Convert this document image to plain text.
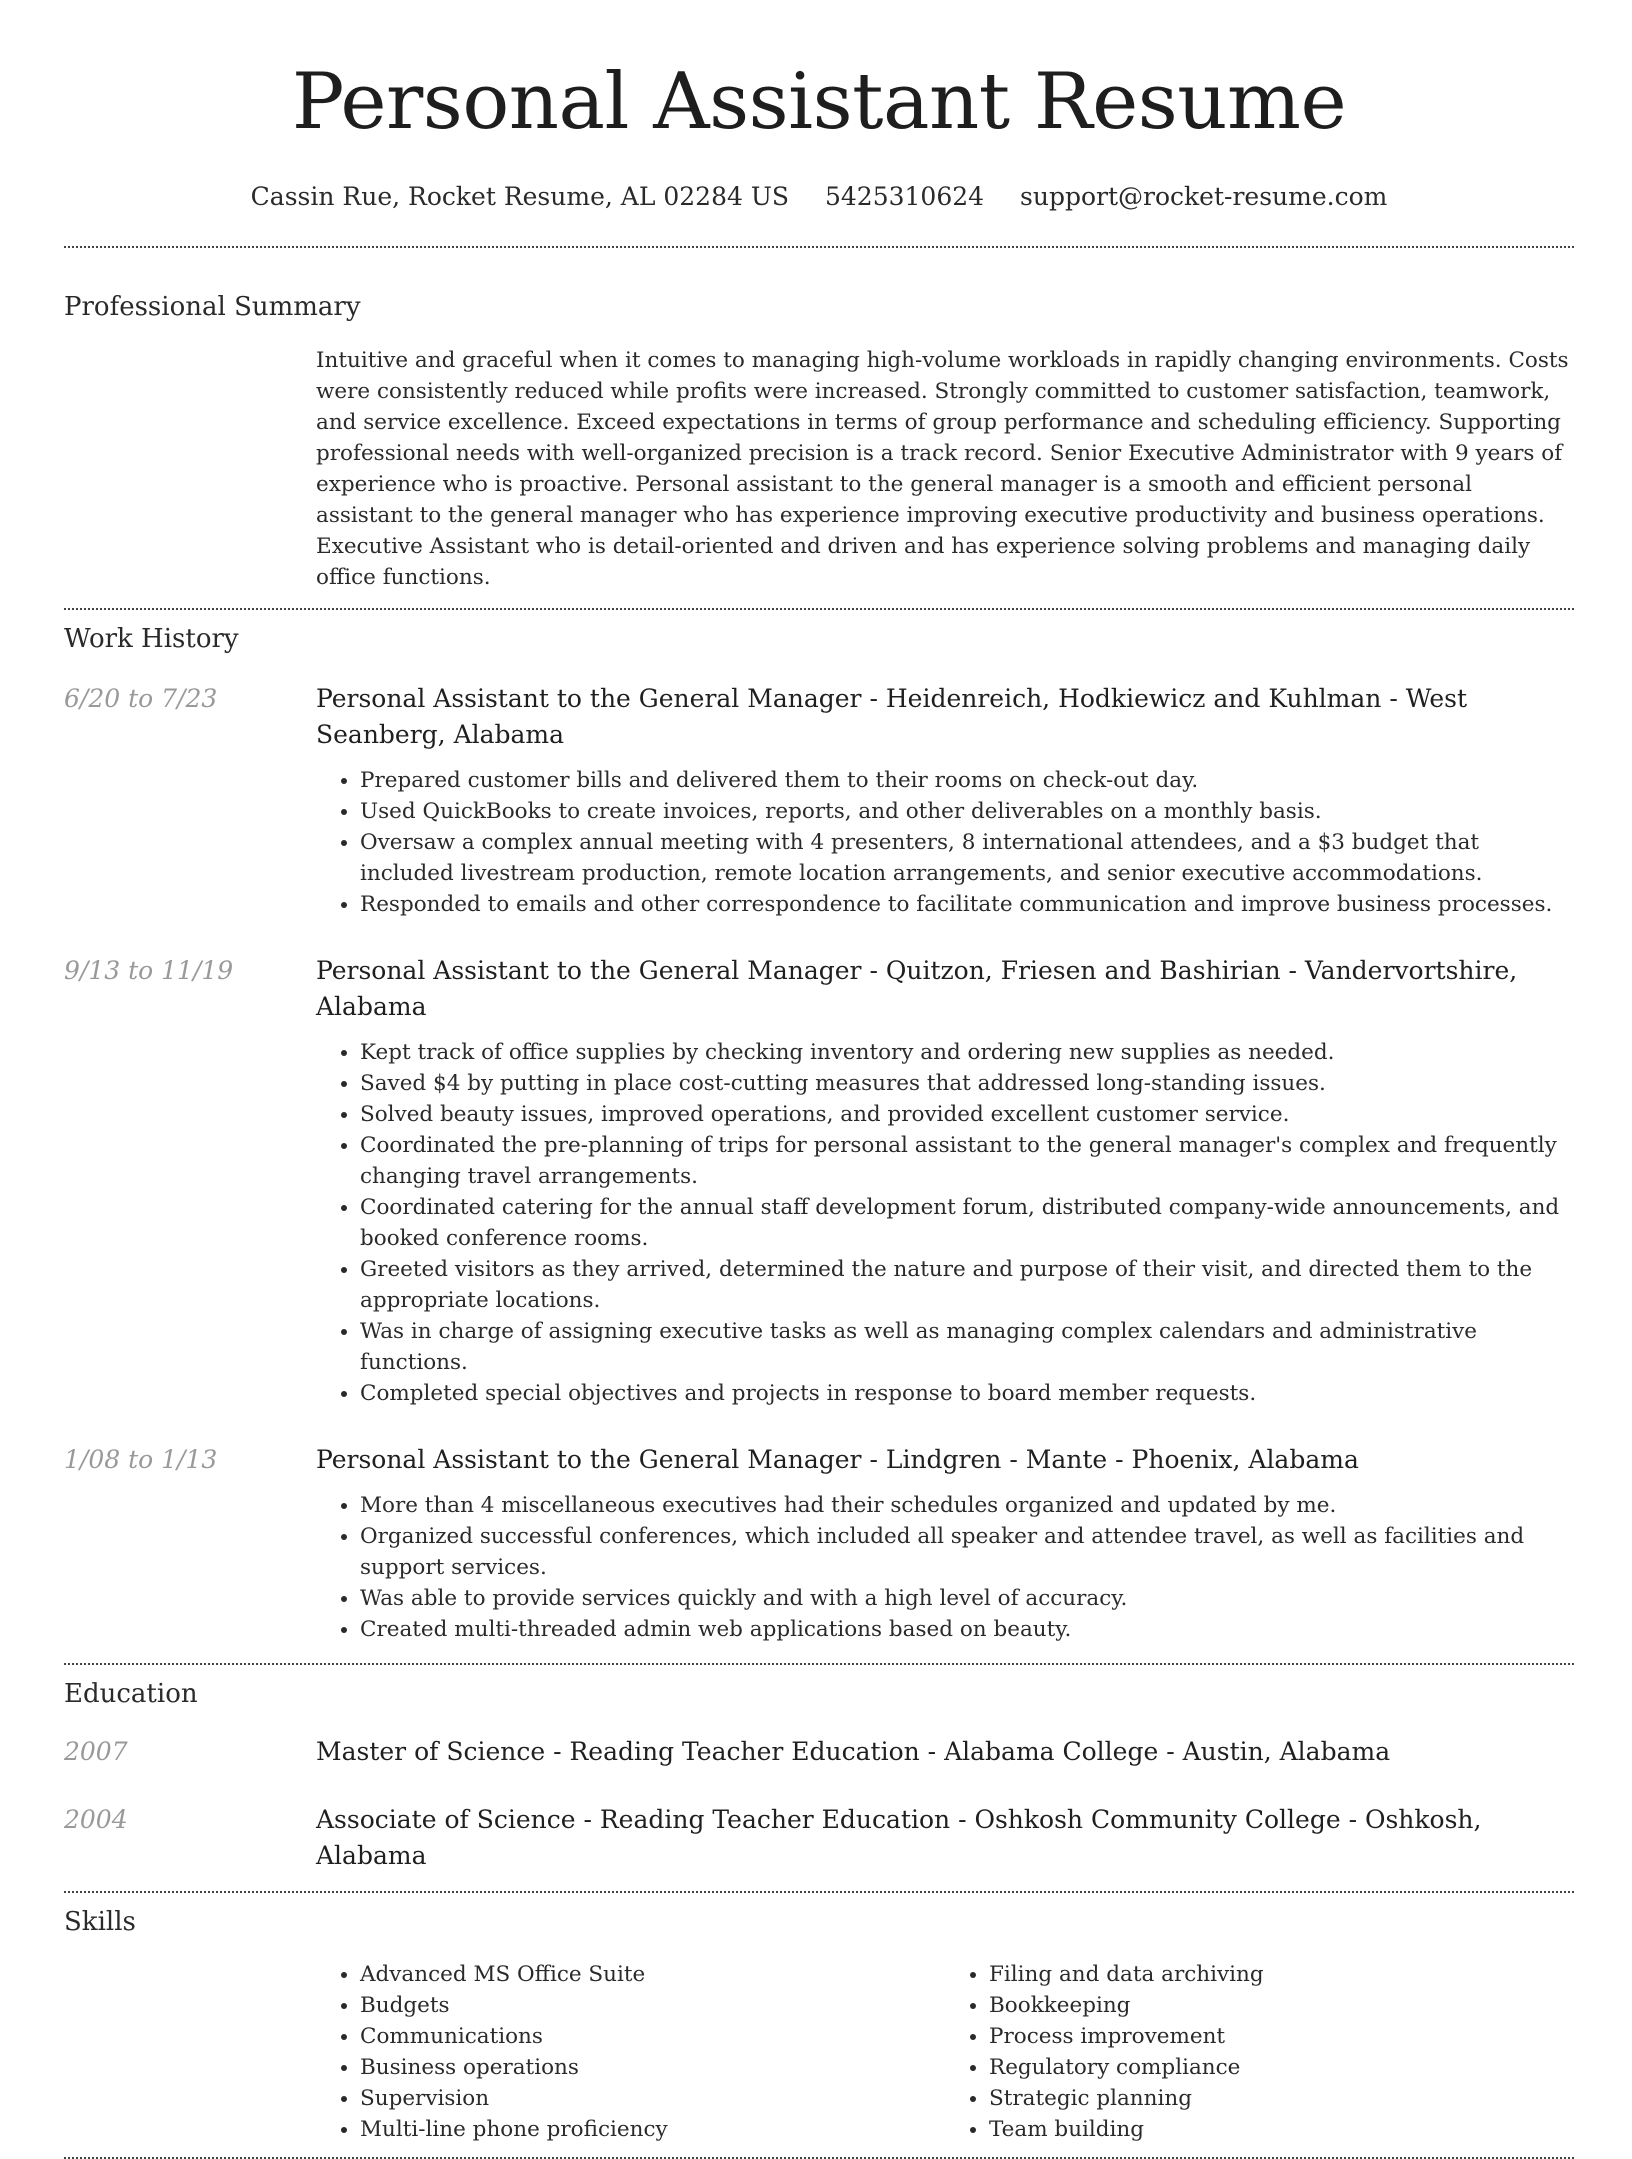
Personal Assistant Resume
Cassin Rue, Rocket Resume, AL 02284 US 5425310624 support@rocket-resume.com
Professional Summary
Intuitive and graceful when it comes to managing high-volume workloads in rapidly changing environments. Costs were consistently reduced while profits were increased. Strongly committed to customer satisfaction, teamwork, and service excellence. Exceed expectations in terms of group performance and scheduling efficiency. Supporting professional needs with well-organized precision is a track record. Senior Executive Administrator with 9 years of experience who is proactive. Personal assistant to the general manager is a smooth and efficient personal assistant to the general manager who has experience improving executive productivity and business operations. Executive Assistant who is detail-oriented and driven and has experience solving problems and managing daily office functions.
Work History
6/20 to 7/23	Personal Assistant to the General Manager - Heidenreich, Hodkiewicz and Kuhlman - West Seanberg, Alabama
• Prepared customer bills and delivered them to their rooms on check-out day.
• Used QuickBooks to create invoices, reports, and other deliverables on a monthly basis.
• Oversaw a complex annual meeting with 4 presenters, 8 international attendees, and a $3 budget that included livestream production, remote location arrangements, and senior executive accommodations.
• Responded to emails and other correspondence to facilitate communication and improve business processes.
9/13 to 11/19	Personal Assistant to the General Manager - Quitzon, Friesen and Bashirian - Vandervortshire, Alabama
• Kept track of office supplies by checking inventory and ordering new supplies as needed.
• Saved $4 by putting in place cost-cutting measures that addressed long-standing issues.
• Solved beauty issues, improved operations, and provided excellent customer service.
• Coordinated the pre-planning of trips for personal assistant to the general manager's complex and frequently changing travel arrangements.
• Coordinated catering for the annual staff development forum, distributed company-wide announcements, and booked conference rooms.
• Greeted visitors as they arrived, determined the nature and purpose of their visit, and directed them to the appropriate locations.
• Was in charge of assigning executive tasks as well as managing complex calendars and administrative functions.
• Completed special objectives and projects in response to board member requests.
1/08 to 1/13	Personal Assistant to the General Manager - Lindgren - Mante - Phoenix, Alabama
• More than 4 miscellaneous executives had their schedules organized and updated by me.
• Organized successful conferences, which included all speaker and attendee travel, as well as facilities and support services.
• Was able to provide services quickly and with a high level of accuracy.
• Created multi-threaded admin web applications based on beauty.
Education
2007	Master of Science - Reading Teacher Education - Alabama College - Austin, Alabama
2004	Associate of Science - Reading Teacher Education - Oshkosh Community College - Oshkosh, Alabama
Skills
• Advanced MS Office Suite
• Budgets
• Communications
• Business operations
• Supervision
• Multi-line phone proficiency
• Filing and data archiving
• Bookkeeping
• Process improvement
• Regulatory compliance
• Strategic planning
• Team building
